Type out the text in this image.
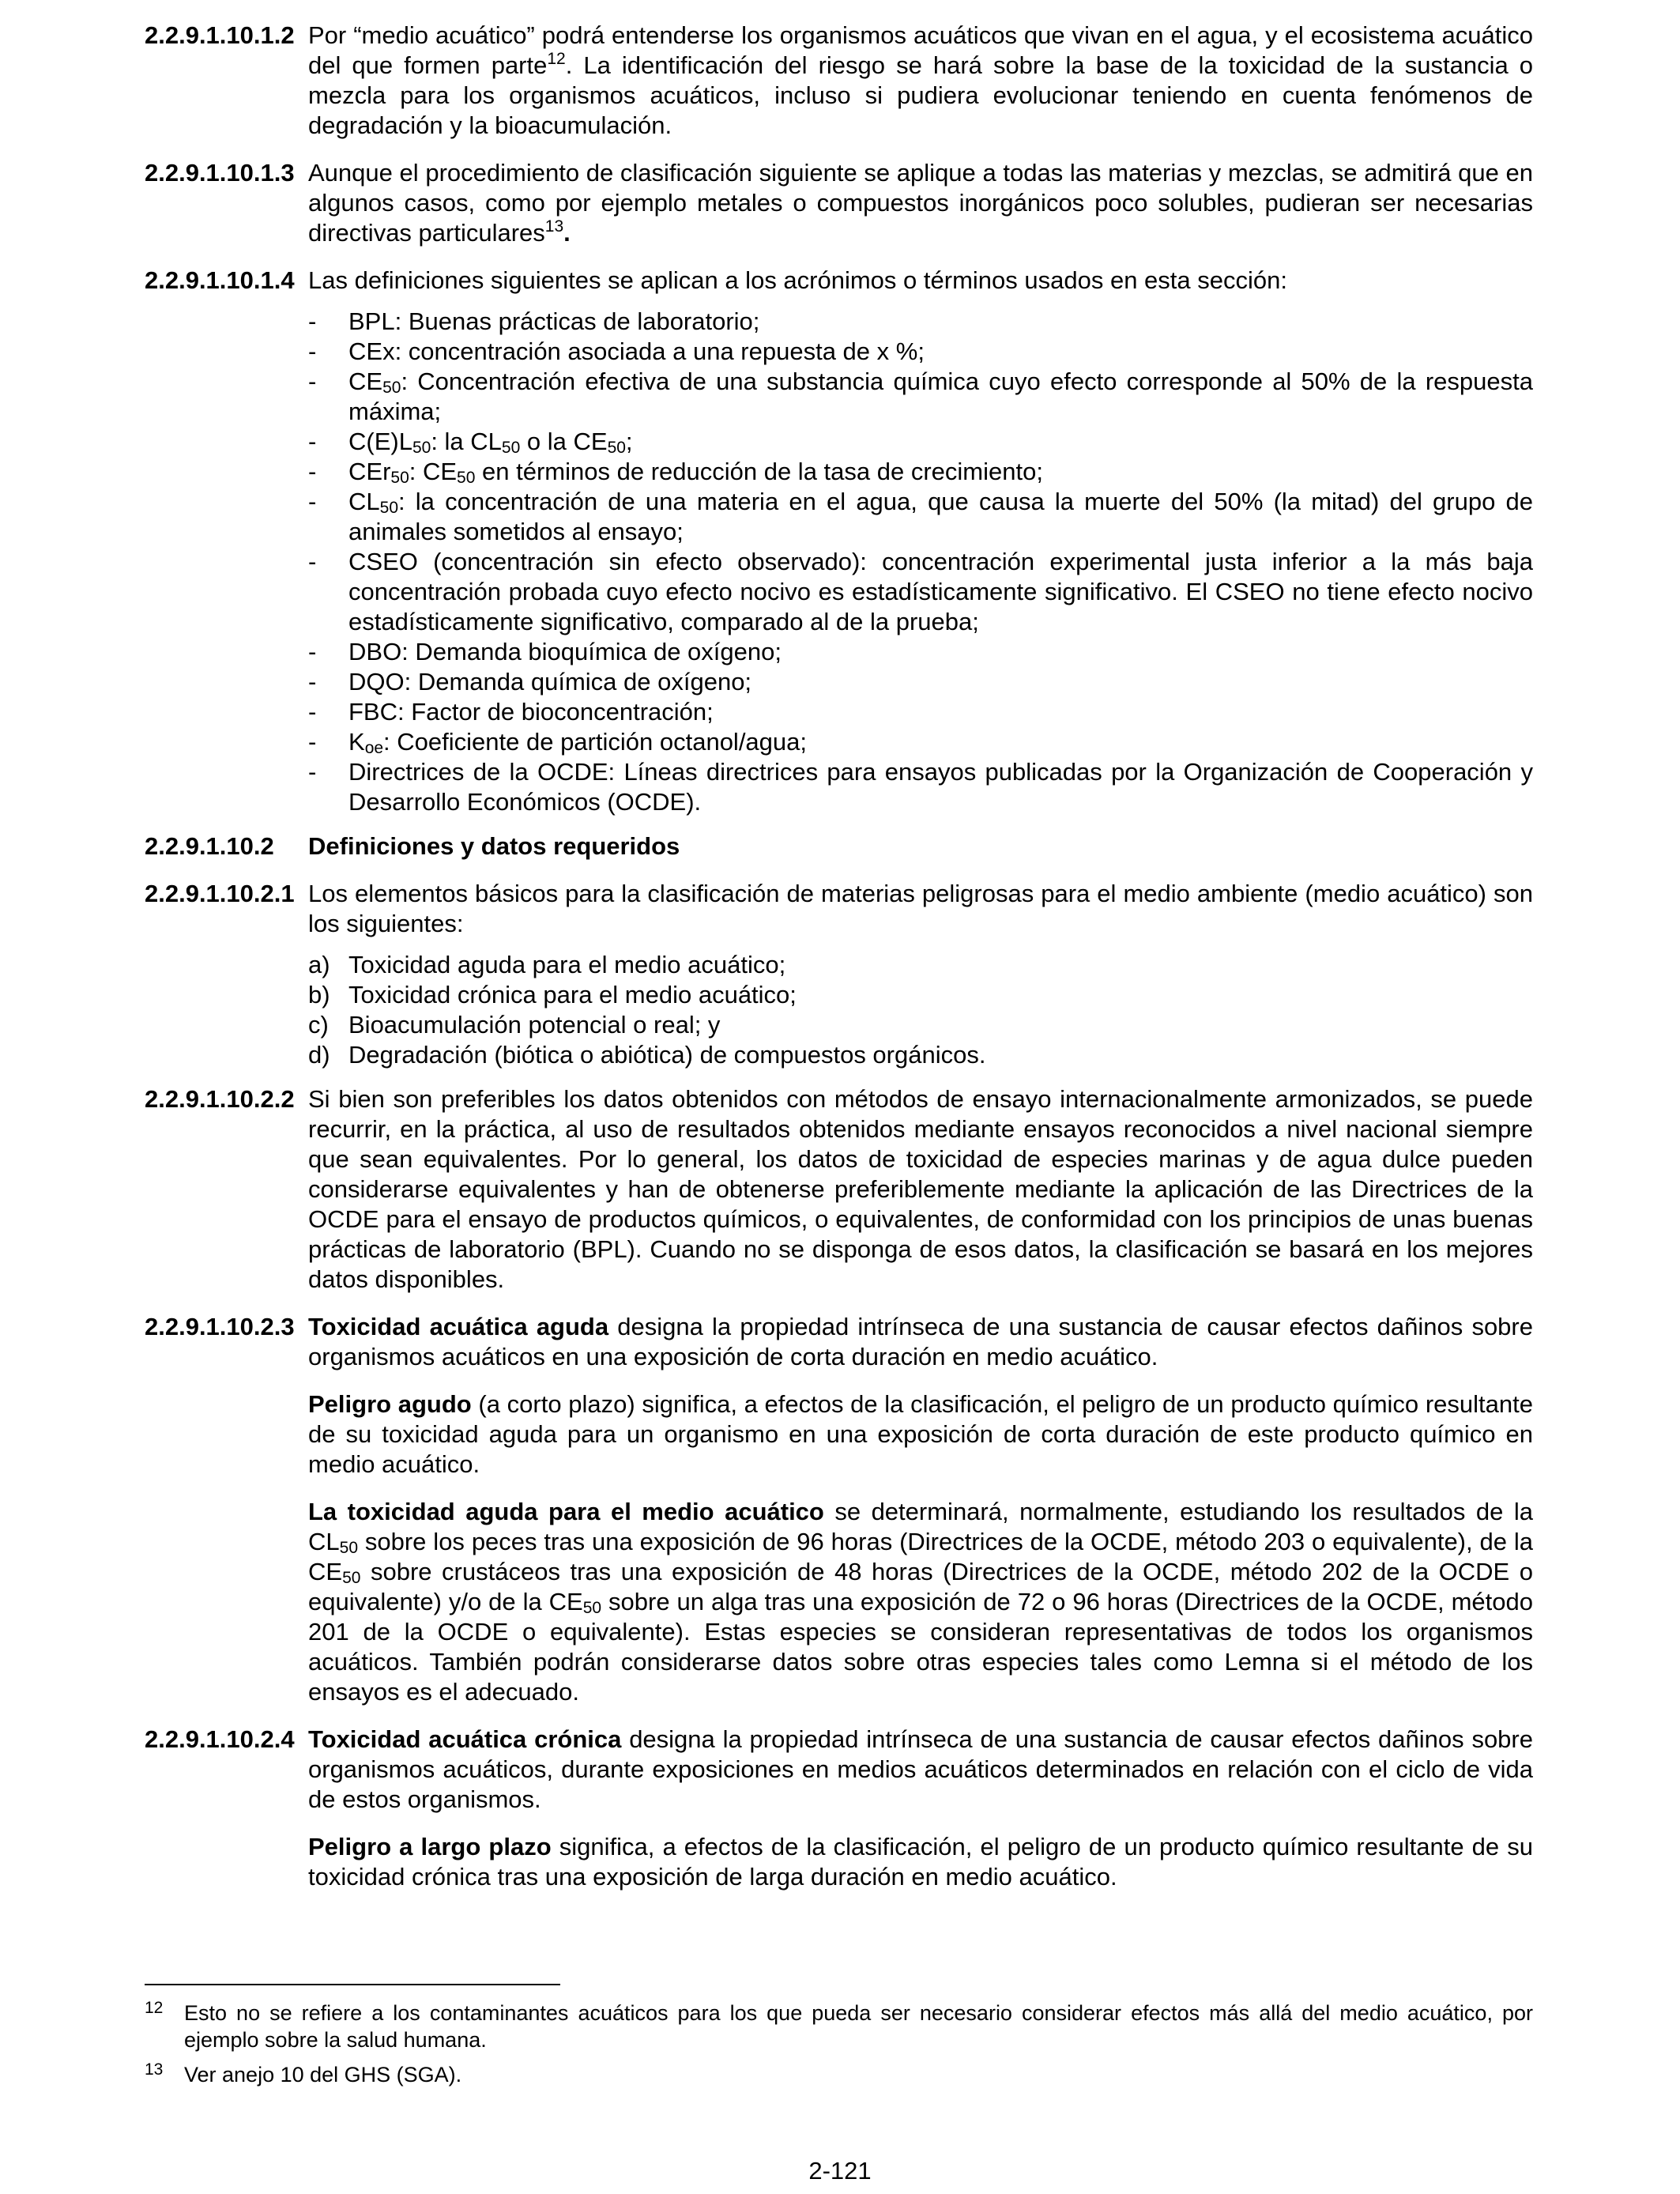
2.2.9.1.10.1.2 Por “medio acuático” podrá entenderse los organismos acuáticos que vivan en el agua, y el ecosistema acuático del que formen parte$^{12}$. La identificación del riesgo se hará sobre la base de la toxicidad de la sustancia o mezcla para los organismos acuáticos, incluso si pudiera evolucionar teniendo en cuenta fenómenos de degradación y la bioacumulación.
2.2.9.1.10.1.3 Aunque el procedimiento de clasificación siguiente se aplique a todas las materias y mezclas, se admitirá que en algunos casos, como por ejemplo metales o compuestos inorgánicos poco solubles, pudieran ser necesarias directivas particulares$^{13}$.
2.2.9.1.10.1.4 Las definiciones siguientes se aplican a los acrónimos o términos usados en esta sección:
- BPL: Buenas prácticas de laboratorio;
- CEx: concentración asociada a una repuesta de x %;
- $CE_{50}$: Concentración efectiva de una substancia química cuyo efecto corresponde al 50% de la respuesta máxima;
- $C(E)L_{50}$: la $CL_{50}$ o la $CE_{50}$;
- CEr$_{50}$: $CE_{50}$ en términos de reducción de la tasa de crecimiento;
- $CL_{50}$: la concentración de una materia en el agua, que causa la muerte del 50% (la mitad) del grupo de animales sometidos al ensayo;
- CSEO (concentración sin efecto observado): concentración experimental justa inferior a la más baja concentración probada cuyo efecto nocivo es estadísticamente significativo. El CSEO no tiene efecto nocivo estadísticamente significativo, comparado al de la prueba;
- DBO: Demanda bioquímica de oxígeno;
- DQO: Demanda química de oxígeno;
- FBC: Factor de bioconcentración;
- $K_{oe}$: Coeficiente de partición octanol/agua;
- Directrices de la OCDE: Líneas directrices para ensayos publicadas por la Organización de Cooperación y Desarrollo Económicos (OCDE).
2.2.9.1.10.2 Definiciones y datos requeridos
2.2.9.1.10.2.1 Los elementos básicos para la clasificación de materias peligrosas para el medio ambiente (medio acuático) son los siguientes:
a) Toxicidad aguda para el medio acuático;
b) Toxicidad crónica para el medio acuático;
c) Bioacumulación potencial o real; y
d) Degradación (biótica o abiótica) de compuestos orgánicos.
2.2.9.1.10.2.2 Si bien son preferibles los datos obtenidos con métodos de ensayo internacionalmente armonizados, se puede recurrir, en la práctica, al uso de resultados obtenidos mediante ensayos reconocidos a nivel nacional siempre que sean equivalentes. Por lo general, los datos de toxicidad de especies marinas y de agua dulce pueden considerarse equivalentes y han de obtenerse preferiblemente mediante la aplicación de las Directrices de la OCDE para el ensayo de productos químicos, o equivalentes, de conformidad con los principios de unas buenas prácticas de laboratorio (BPL). Cuando no se disponga de esos datos, la clasificación se basará en los mejores datos disponibles.
2.2.9.1.10.2.3 Toxicidad acuática aguda designa la propiedad intrínseca de una sustancia de causar efectos dañinos sobre organismos acuáticos en una exposición de corta duración en medio acuático.
Peligro agudo (a corto plazo) significa, a efectos de la clasificación, el peligro de un producto químico resultante de su toxicidad aguda para un organismo en una exposición de corta duración de este producto químico en medio acuático.
La toxicidad aguda para el medio acuático se determinará, normalmente, estudiando los resultados de la $CL_{50}$ sobre los peces tras una exposición de 96 horas (Directrices de la OCDE, método 203 o equivalente), de la $CE_{50}$ sobre crustáceos tras una exposición de 48 horas (Directrices de la OCDE, método 202 de la OCDE o equivalente) y/o de la $CE_{50}$ sobre un alga tras una exposición de 72 o 96 horas (Directrices de la OCDE, método 201 de la OCDE o equivalente). Estas especies se consideran representativas de todos los organismos acuáticos. También podrán considerarse datos sobre otras especies tales como Lemna si el método de los ensayos es el adecuado.
2.2.9.1.10.2.4 Toxicidad acuática crónica designa la propiedad intrínseca de una sustancia de causar efectos dañinos sobre organismos acuáticos, durante exposiciones en medios acuáticos determinados en relación con el ciclo de vida de estos organismos.
Peligro a largo plazo significa, a efectos de la clasificación, el peligro de un producto químico resultante de su toxicidad crónica tras una exposición de larga duración en medio acuático.
12 Esto no se refiere a los contaminantes acuáticos para los que pueda ser necesario considerar efectos más allá del medio acuático, por ejemplo sobre la salud humana.
13 Ver anejo 10 del GHS (SGA).
2-121
